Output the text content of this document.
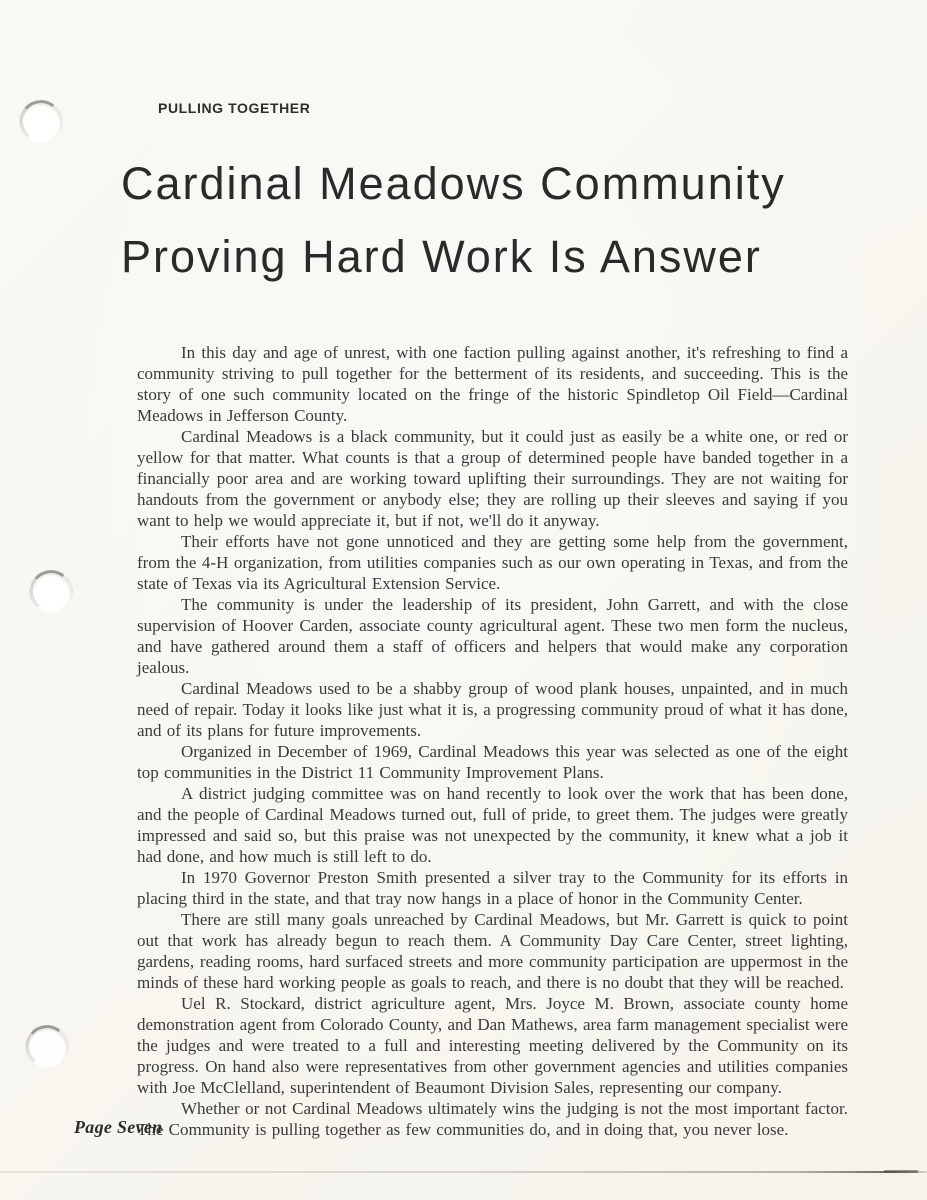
PULLING TOGETHER
Cardinal Meadows Community
Proving Hard Work Is Answer

In this day and age of unrest, with one faction pulling against another, it's refreshing to find a community striving to pull together for the betterment of its residents, and succeeding. This is the story of one such community located on the fringe of the historic Spindletop Oil Field—Cardinal Meadows in Jefferson County.

Cardinal Meadows is a black community, but it could just as easily be a white one, or red or yellow for that matter. What counts is that a group of determined people have banded together in a financially poor area and are working toward uplifting their surroundings. They are not waiting for handouts from the government or anybody else; they are rolling up their sleeves and saying if you want to help we would appreciate it, but if not, we'll do it anyway.

Their efforts have not gone unnoticed and they are getting some help from the government, from the 4-H organization, from utilities companies such as our own operating in Texas, and from the state of Texas via its Agricultural Extension Service.

The community is under the leadership of its president, John Garrett, and with the close supervision of Hoover Carden, associate county agricultural agent. These two men form the nucleus, and have gathered around them a staff of officers and helpers that would make any corporation jealous.

Cardinal Meadows used to be a shabby group of wood plank houses, unpainted, and in much need of repair. Today it looks like just what it is, a progressing community proud of what it has done, and of its plans for future improvements.

Organized in December of 1969, Cardinal Meadows this year was selected as one of the eight top communities in the District 11 Community Improvement Plans.

A district judging committee was on hand recently to look over the work that has been done, and the people of Cardinal Meadows turned out, full of pride, to greet them. The judges were greatly impressed and said so, but this praise was not unexpected by the community, it knew what a job it had done, and how much is still left to do.

In 1970 Governor Preston Smith presented a silver tray to the Community for its efforts in placing third in the state, and that tray now hangs in a place of honor in the Community Center.

There are still many goals unreached by Cardinal Meadows, but Mr. Garrett is quick to point out that work has already begun to reach them. A Community Day Care Center, street lighting, gardens, reading rooms, hard surfaced streets and more community participation are uppermost in the minds of these hard working people as goals to reach, and there is no doubt that they will be reached.

Uel R. Stockard, district agriculture agent, Mrs. Joyce M. Brown, associate county home demonstration agent from Colorado County, and Dan Mathews, area farm management specialist were the judges and were treated to a full and interesting meeting delivered by the Community on its progress. On hand also were representatives from other government agencies and utilities companies with Joe McClelland, superintendent of Beaumont Division Sales, representing our company.

Whether or not Cardinal Meadows ultimately wins the judging is not the most important factor. The Community is pulling together as few communities do, and in doing that, you never lose.

Page Seven
